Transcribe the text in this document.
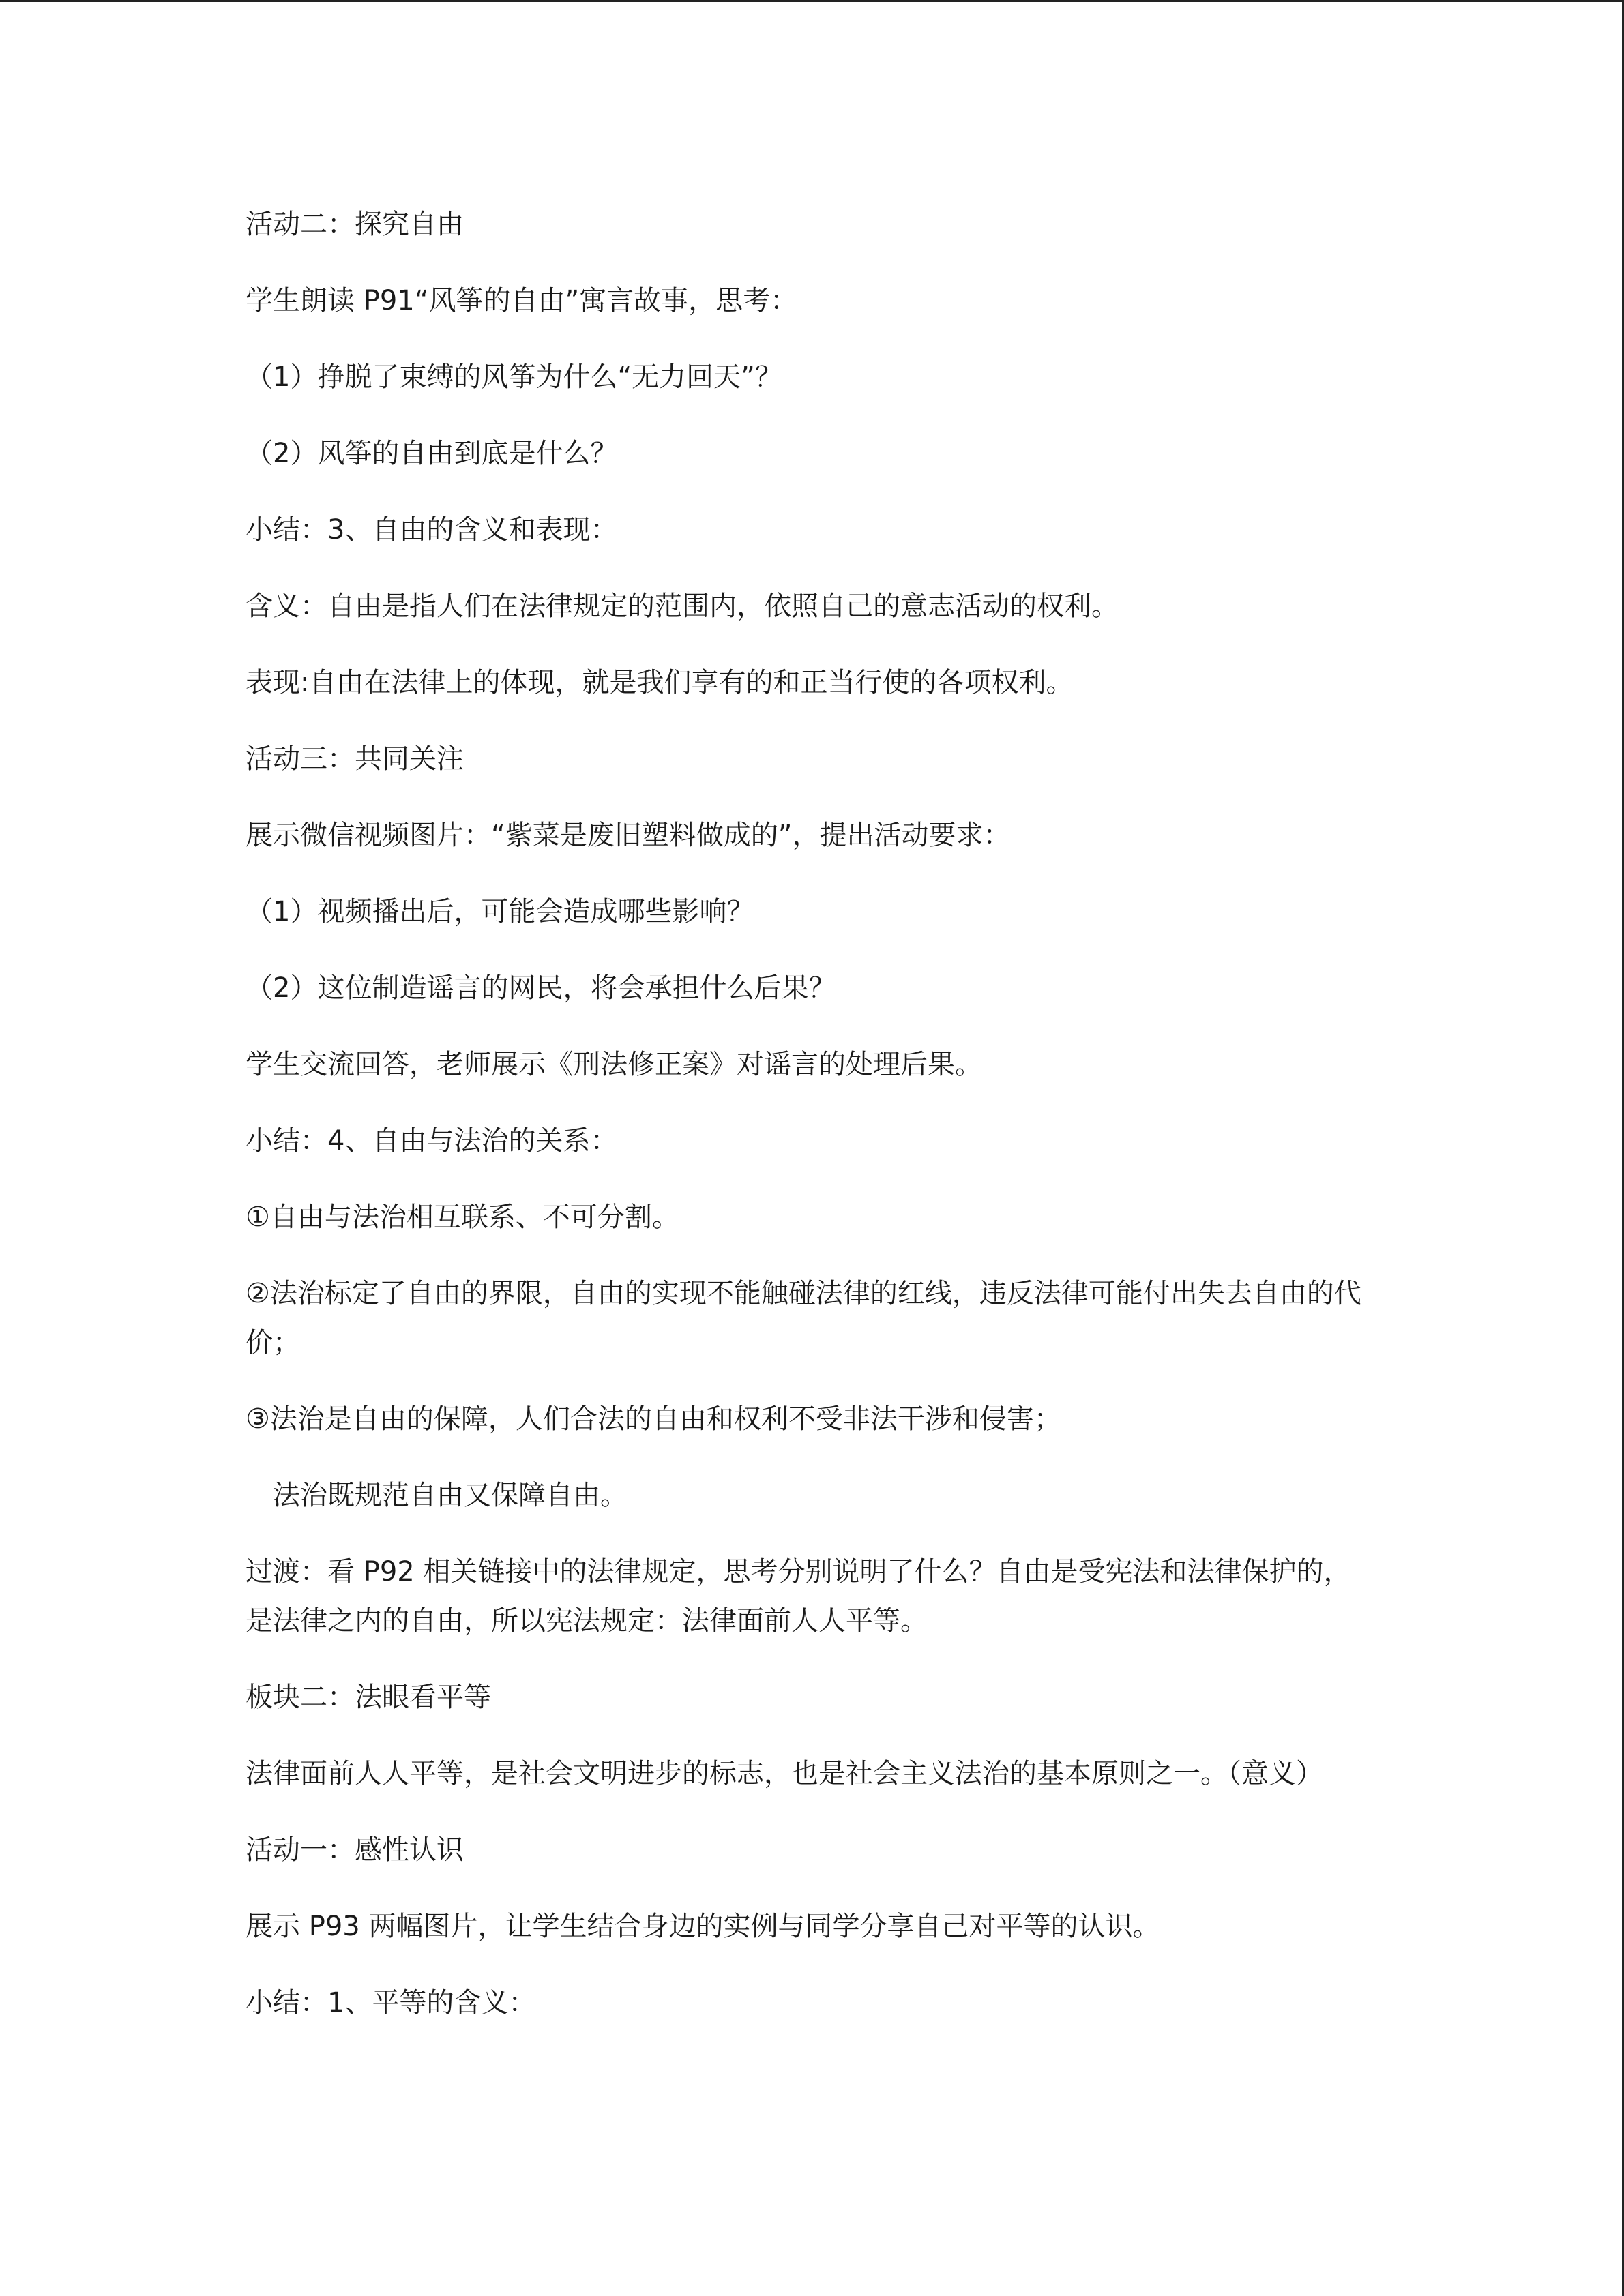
活动二：探究自由

学生朗读 P91“风筝的自由”寓言故事，思考：

（1）挣脱了束缚的风筝为什么“无力回天”？

（2）风筝的自由到底是什么？

小结：3、自由的含义和表现：

含义：自由是指人们在法律规定的范围内，依照自己的意志活动的权利。

表现:自由在法律上的体现，就是我们享有的和正当行使的各项权利。

活动三：共同关注

展示微信视频图片：“紫菜是废旧塑料做成的”，提出活动要求：

（1）视频播出后，可能会造成哪些影响？

（2）这位制造谣言的网民，将会承担什么后果？

学生交流回答，老师展示《刑法修正案》对谣言的处理后果。

小结：4、自由与法治的关系：

①自由与法治相互联系、不可分割。

②法治标定了自由的界限，自由的实现不能触碰法律的红线，违反法律可能付出失去自由的代价；

③法治是自由的保障，人们合法的自由和权利不受非法干涉和侵害；

法治既规范自由又保障自由。

过渡：看 P92 相关链接中的法律规定，思考分别说明了什么？自由是受宪法和法律保护的，是法律之内的自由，所以宪法规定：法律面前人人平等。

板块二：法眼看平等

法律面前人人平等，是社会文明进步的标志，也是社会主义法治的基本原则之一。（意义）

活动一：感性认识

展示 P93 两幅图片，让学生结合身边的实例与同学分享自己对平等的认识。

小结：1、平等的含义：
